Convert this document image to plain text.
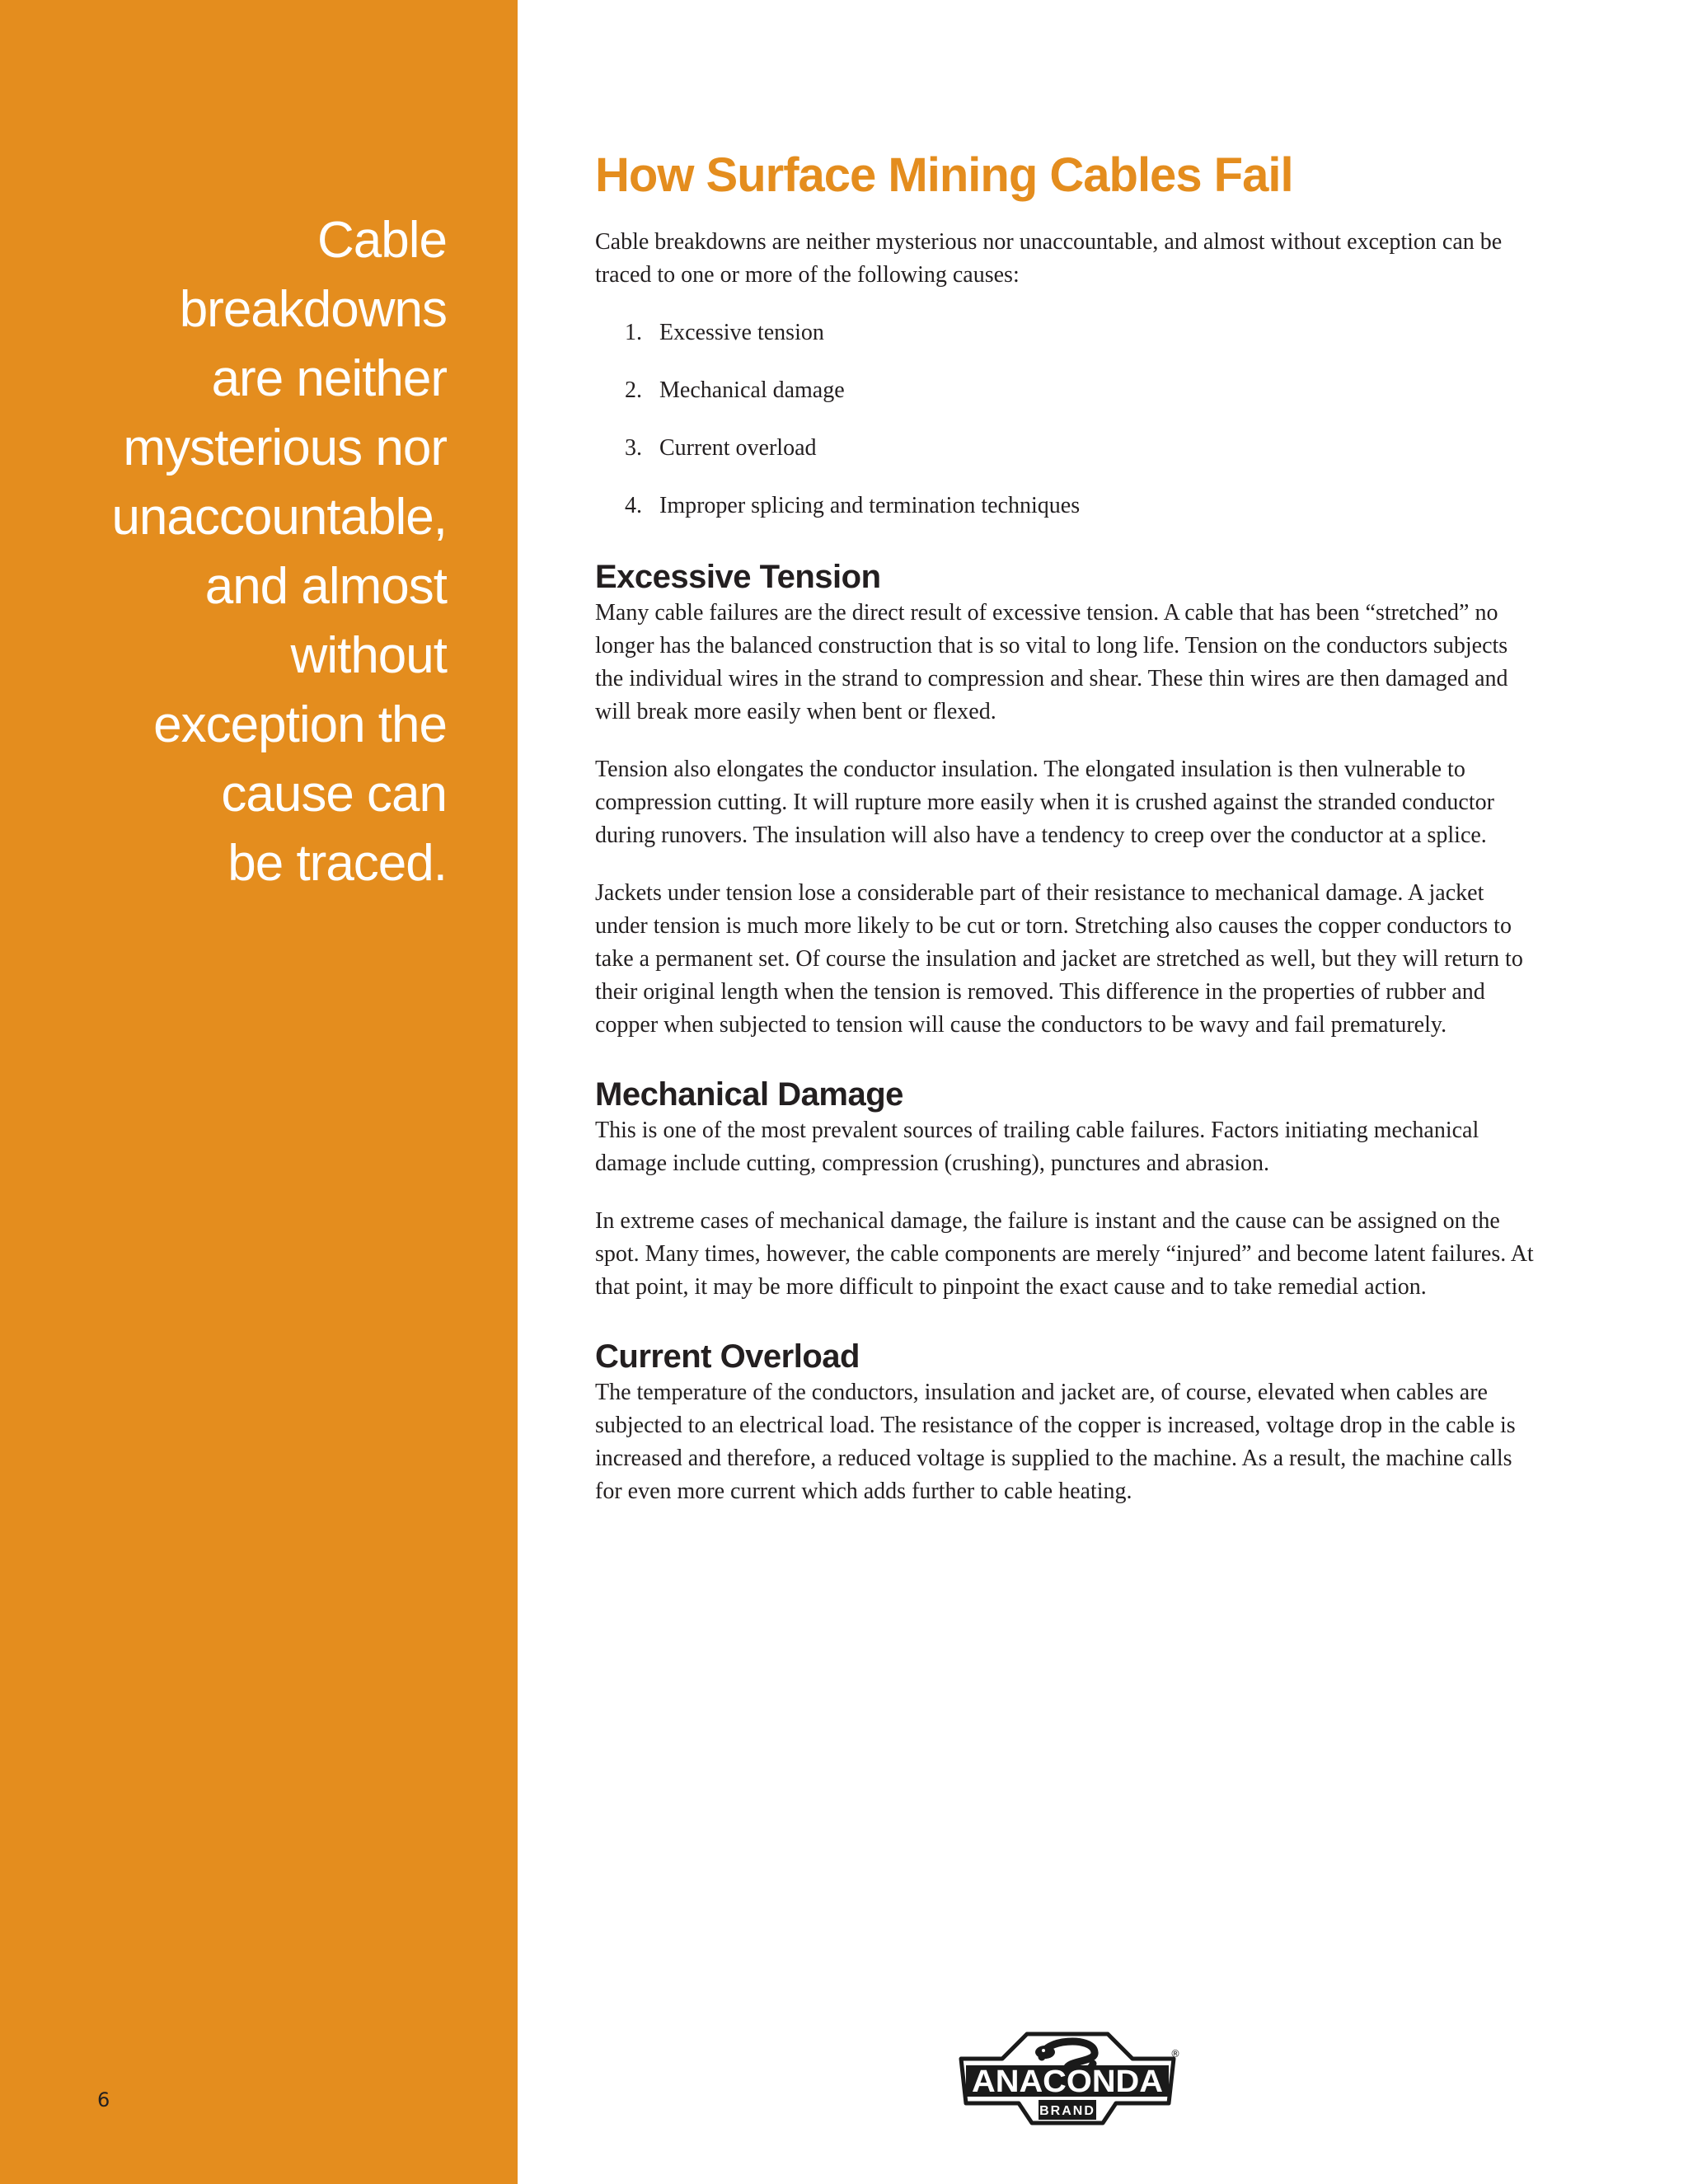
Cable
breakdowns
are neither
mysterious nor
unaccountable,
and almost
without
exception the
cause can
be traced.
6
How Surface Mining Cables Fail

Cable breakdowns are neither mysterious nor unaccountable, and almost without exception can be traced to one or more of the following causes:

1. Excessive tension
2. Mechanical damage
3. Current overload
4. Improper splicing and termination techniques
Excessive Tension

Many cable failures are the direct result of excessive tension. A cable that has been “stretched” no longer has the balanced construction that is so vital to long life. Tension on the conductors subjects the individual wires in the strand to compression and shear. These thin wires are then damaged and will break more easily when bent or flexed.

Tension also elongates the conductor insulation. The elongated insulation is then vulnerable to compression cutting. It will rupture more easily when it is crushed against the stranded conductor during runovers. The insulation will also have a tendency to creep over the conductor at a splice.

Jackets under tension lose a considerable part of their resistance to mechanical damage. A jacket under tension is much more likely to be cut or torn. Stretching also causes the copper conductors to take a permanent set. Of course the insulation and jacket are stretched as well, but they will return to their original length when the tension is removed. This difference in the properties of rubber and copper when subjected to tension will cause the conductors to be wavy and fail prematurely.

Mechanical Damage

This is one of the most prevalent sources of trailing cable failures. Factors initiating mechanical damage include cutting, compression (crushing), punctures and abrasion.

In extreme cases of mechanical damage, the failure is instant and the cause can be assigned on the spot. Many times, however, the cable components are merely “injured” and become latent failures. At that point, it may be more difficult to pinpoint the exact cause and to take remedial action.

Current Overload

The temperature of the conductors, insulation and jacket are, of course, elevated when cables are subjected to an electrical load. The resistance of the copper is increased, voltage drop in the cable is increased and therefore, a reduced voltage is supplied to the machine. As a result, the machine calls for even more current which adds further to cable heating.

ANACONDA
BRAND
®
